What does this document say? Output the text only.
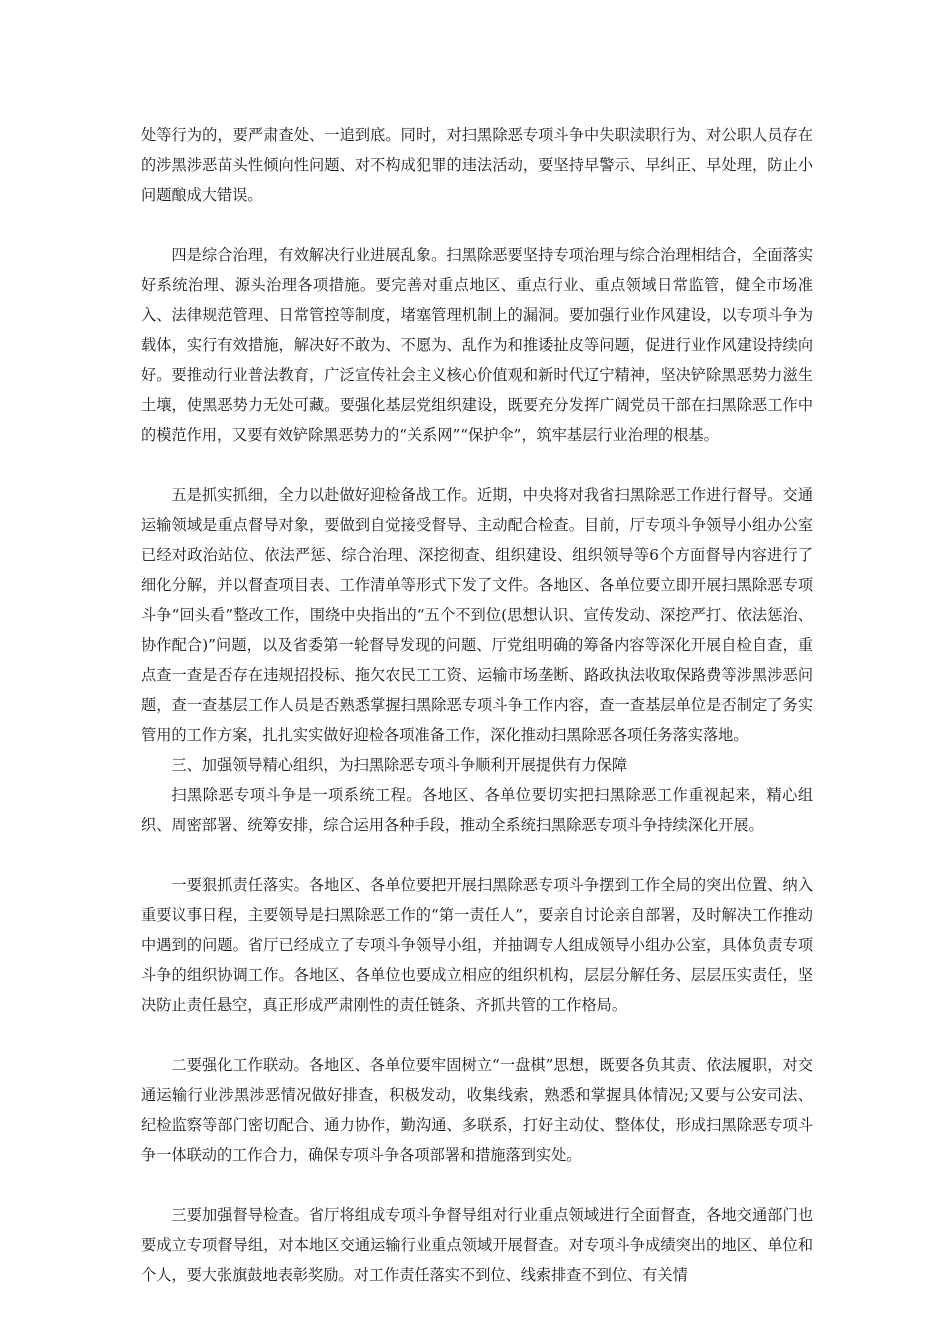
处等行为的，要严肃查处、一追到底。同时，对扫黑除恶专项斗争中失职渎职行为、对公职人员存在的涉黑涉恶苗头性倾向性问题、对不构成犯罪的违法活动，要坚持早警示、早纠正、早处理，防止小问题酿成大错误。

四是综合治理，有效解决行业进展乱象。扫黑除恶要坚持专项治理与综合治理相结合，全面落实好系统治理、源头治理各项措施。要完善对重点地区、重点行业、重点领域日常监管，健全市场准入、法律规范管理、日常管控等制度，堵塞管理机制上的漏洞。要加强行业作风建设，以专项斗争为载体，实行有效措施，解决好不敢为、不愿为、乱作为和推诿扯皮等问题，促进行业作风建设持续向好。要推动行业普法教育，广泛宣传社会主义核心价值观和新时代辽宁精神，坚决铲除黑恶势力滋生土壤，使黑恶势力无处可藏。要强化基层党组织建设，既要充分发挥广阔党员干部在扫黑除恶工作中的模范作用，又要有效铲除黑恶势力的“关系网”“保护伞”，筑牢基层行业治理的根基。

五是抓实抓细，全力以赴做好迎检备战工作。近期，中央将对我省扫黑除恶工作进行督导。交通运输领域是重点督导对象，要做到自觉接受督导、主动配合检查。目前，厅专项斗争领导小组办公室已经对政治站位、依法严惩、综合治理、深挖彻查、组织建设、组织领导等6个方面督导内容进行了细化分解，并以督查项目表、工作清单等形式下发了文件。各地区、各单位要立即开展扫黑除恶专项斗争“回头看”整改工作，围绕中央指出的“五个不到位(思想认识、宣传发动、深挖严打、依法惩治、协作配合)”问题，以及省委第一轮督导发现的问题、厅党组明确的筹备内容等深化开展自检自查，重点查一查是否存在违规招投标、拖欠农民工工资、运输市场垄断、路政执法收取保路费等涉黑涉恶问题，查一查基层工作人员是否熟悉掌握扫黑除恶专项斗争工作内容，查一查基层单位是否制定了务实管用的工作方案，扎扎实实做好迎检各项准备工作，深化推动扫黑除恶各项任务落实落地。

三、加强领导精心组织，为扫黑除恶专项斗争顺利开展提供有力保障

扫黑除恶专项斗争是一项系统工程。各地区、各单位要切实把扫黑除恶工作重视起来，精心组织、周密部署、统筹安排，综合运用各种手段，推动全系统扫黑除恶专项斗争持续深化开展。

一要狠抓责任落实。各地区、各单位要把开展扫黑除恶专项斗争摆到工作全局的突出位置、纳入重要议事日程，主要领导是扫黑除恶工作的“第一责任人”，要亲自讨论亲自部署，及时解决工作推动中遇到的问题。省厅已经成立了专项斗争领导小组，并抽调专人组成领导小组办公室，具体负责专项斗争的组织协调工作。各地区、各单位也要成立相应的组织机构，层层分解任务、层层压实责任，坚决防止责任悬空，真正形成严肃刚性的责任链条、齐抓共管的工作格局。

二要强化工作联动。各地区、各单位要牢固树立“一盘棋”思想，既要各负其责、依法履职，对交通运输行业涉黑涉恶情况做好排查，积极发动，收集线索，熟悉和掌握具体情况;又要与公安司法、纪检监察等部门密切配合、通力协作，勤沟通、多联系，打好主动仗、整体仗，形成扫黑除恶专项斗争一体联动的工作合力，确保专项斗争各项部署和措施落到实处。

三要加强督导检查。省厅将组成专项斗争督导组对行业重点领域进行全面督查，各地交通部门也要成立专项督导组，对本地区交通运输行业重点领域开展督查。对专项斗争成绩突出的地区、单位和个人，要大张旗鼓地表彰奖励。对工作责任落实不到位、线索排查不到位、有关情
